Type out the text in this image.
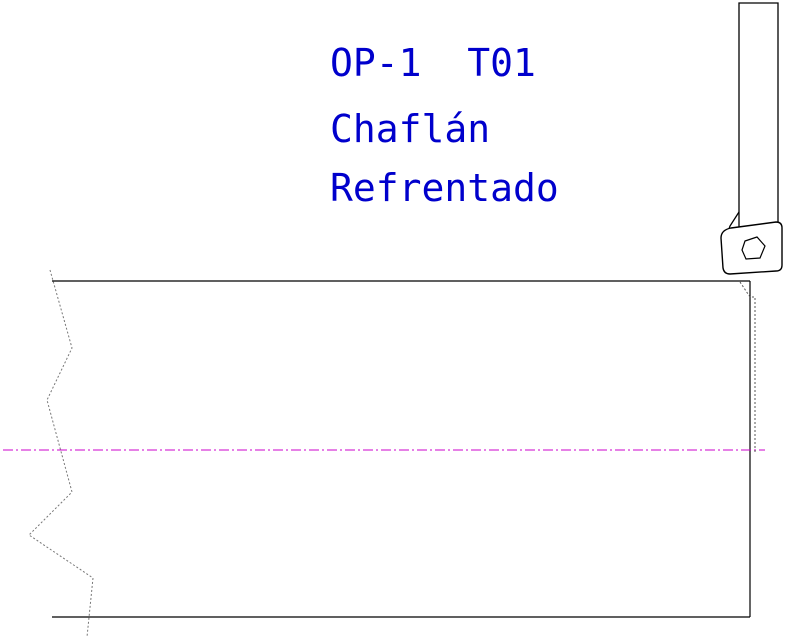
OP-1  T01
Chaflán
Refrentado
